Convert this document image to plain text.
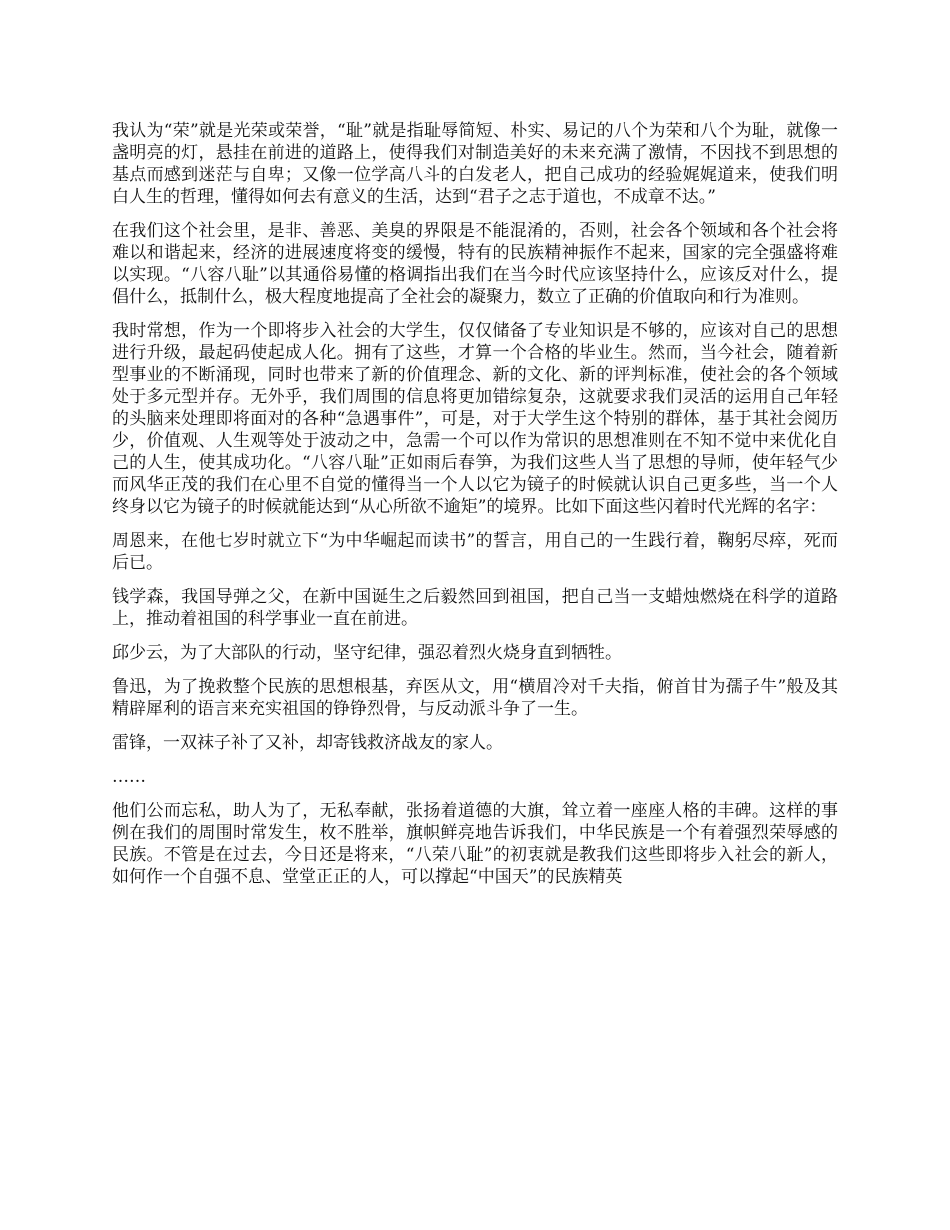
我认为“荣”就是光荣或荣誉，“耻”就是指耻辱简短、朴实、易记的八个为荣和八个为耻，就像一盏明亮的灯，悬挂在前进的道路上，使得我们对制造美好的未来充满了激情，不因找不到思想的基点而感到迷茫与自卑；又像一位学高八斗的白发老人，把自己成功的经验娓娓道来，使我们明白人生的哲理，懂得如何去有意义的生活，达到“君子之志于道也，不成章不达。”

在我们这个社会里，是非、善恶、美臭的界限是不能混淆的，否则，社会各个领域和各个社会将难以和谐起来，经济的进展速度将变的缓慢，特有的民族精神振作不起来，国家的完全强盛将难以实现。“八容八耻”以其通俗易懂的格调指出我们在当今时代应该坚持什么，应该反对什么，提倡什么，抵制什么，极大程度地提高了全社会的凝聚力，数立了正确的价值取向和行为准则。

我时常想，作为一个即将步入社会的大学生，仅仅储备了专业知识是不够的，应该对自己的思想进行升级，最起码使起成人化。拥有了这些，才算一个合格的毕业生。然而，当今社会，随着新型事业的不断涌现，同时也带来了新的价值理念、新的文化、新的评判标准，使社会的各个领域处于多元型并存。无外乎，我们周围的信息将更加错综复杂，这就要求我们灵活的运用自己年轻的头脑来处理即将面对的各种“急遇事件”，可是，对于大学生这个特别的群体，基于其社会阅历少，价值观、人生观等处于波动之中，急需一个可以作为常识的思想准则在不知不觉中来优化自己的人生，使其成功化。“八容八耻”正如雨后春笋，为我们这些人当了思想的导师，使年轻气少而风华正茂的我们在心里不自觉的懂得当一个人以它为镜子的时候就认识自己更多些，当一个人终身以它为镜子的时候就能达到“从心所欲不逾矩”的境界。比如下面这些闪着时代光辉的名字：

周恩来，在他七岁时就立下“为中华崛起而读书”的誓言，用自己的一生践行着，鞠躬尽瘁，死而后已。

钱学森，我国导弹之父，在新中国诞生之后毅然回到祖国，把自己当一支蜡烛燃烧在科学的道路上，推动着祖国的科学事业一直在前进。

邱少云，为了大部队的行动，坚守纪律，强忍着烈火烧身直到牺牲。

鲁迅，为了挽救整个民族的思想根基，弃医从文，用“横眉冷对千夫指，俯首甘为孺子牛”般及其精辟犀利的语言来充实祖国的铮铮烈骨，与反动派斗争了一生。

雷锋，一双袜子补了又补，却寄钱救济战友的家人。

……

他们公而忘私，助人为了，无私奉献，张扬着道德的大旗，耸立着一座座人格的丰碑。这样的事例在我们的周围时常发生，枚不胜举，旗帜鲜亮地告诉我们，中华民族是一个有着强烈荣辱感的民族。不管是在过去，今日还是将来，“八荣八耻”的初衷就是教我们这些即将步入社会的新人，如何作一个自强不息、堂堂正正的人，可以撑起“中国天”的民族精英
